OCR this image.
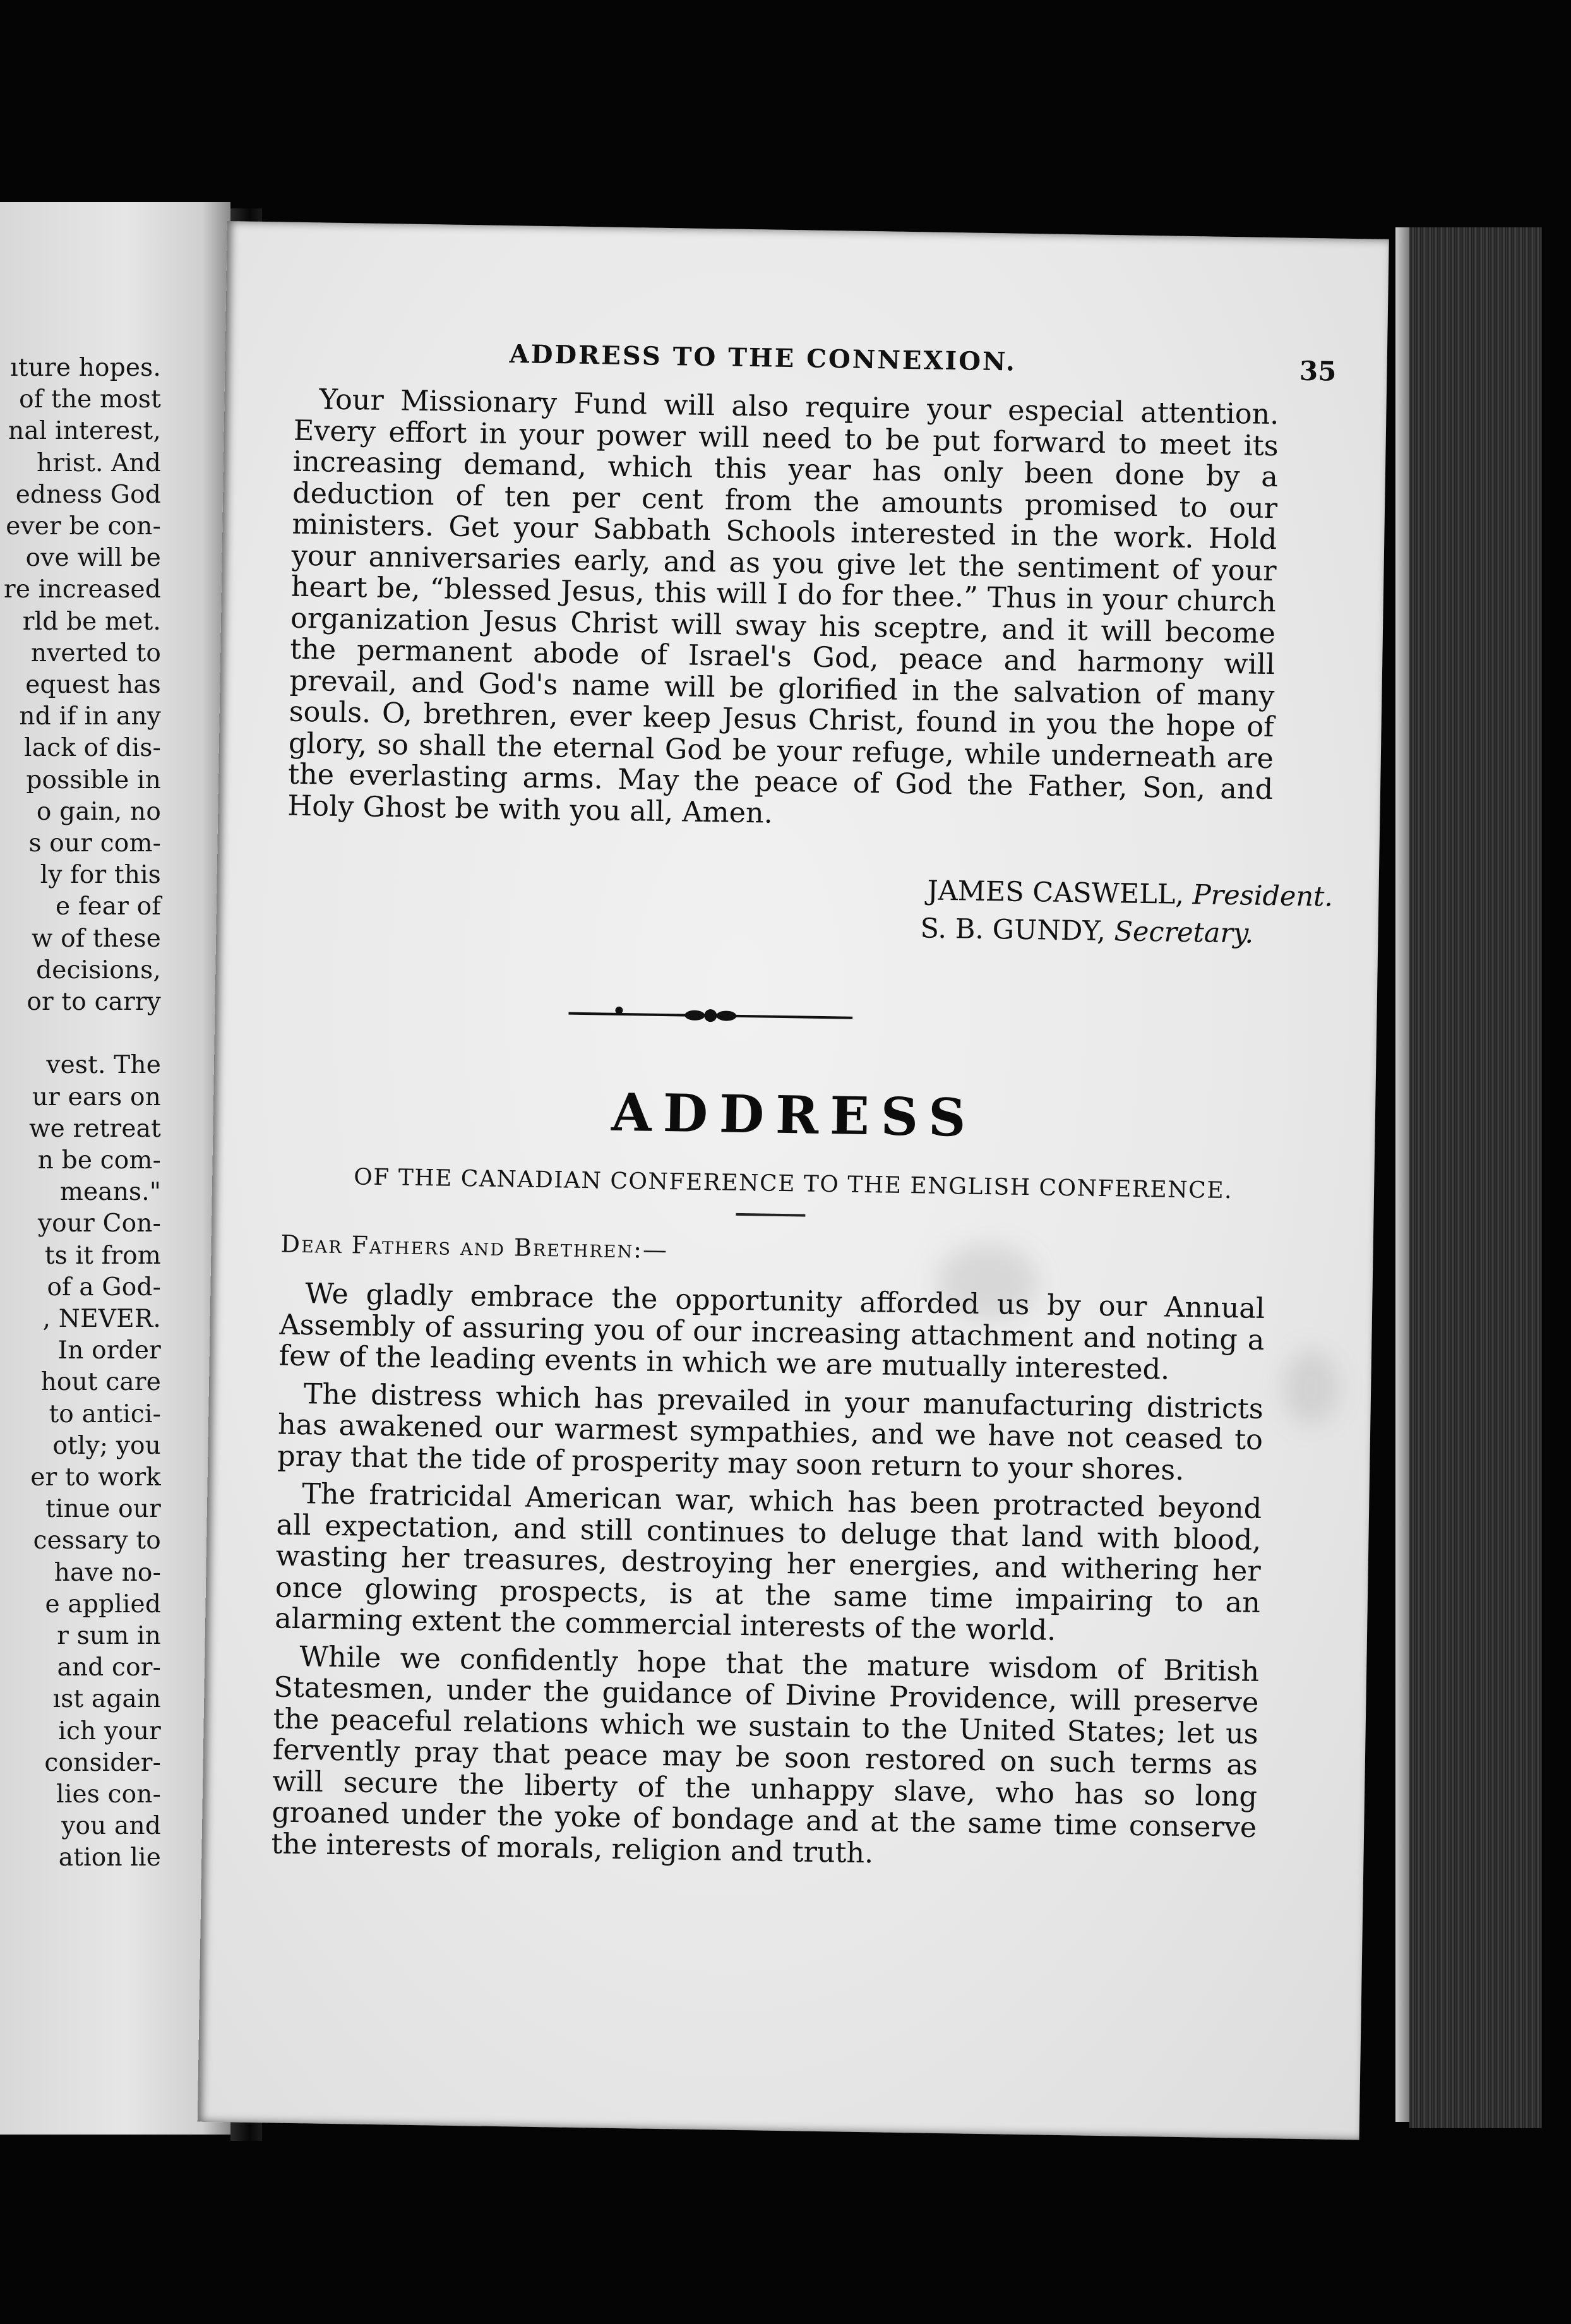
ıture hopes.
of the most
nal interest,
hrist. And
edness God
ever be con-
ove will be
re increased
rld be met.
nverted to
equest has
nd if in any
lack of dis-
possible in
o gain, no
s our com-
ly for this
e fear of
w of these
decisions,
or to carry
vest. The
ur ears on
we retreat
n be com-
means."
your Con-
ts it from
of a God-
, NEVER.
In order
hout care
to antici-
otly; you
er to work
tinue our
cessary to
have no-
e applied
r sum in
and cor-
ıst again
ich your
consider-
lies con-
you and
ation lie
ADDRESS TO THE CONNEXION.	35

Your Missionary Fund will also require your especial attention. Every effort in your power will need to be put forward to meet its increasing demand, which this year has only been done by a deduction of ten per cent from the amounts promised to our ministers. Get your Sabbath Schools interested in the work. Hold your anniversaries early, and as you give let the sentiment of your heart be, “blessed Jesus, this will I do for thee.” Thus in your church organization Jesus Christ will sway his sceptre, and it will become the permanent abode of Israel's God, peace and harmony will prevail, and God's name will be glorified in the salvation of many souls. O, brethren, ever keep Jesus Christ, found in you the hope of glory, so shall the eternal God be your refuge, while underneath are the everlasting arms. May the peace of God the Father, Son, and Holy Ghost be with you all, Amen.

JAMES CASWELL, President.
S. B. GUNDY, Secretary.
ADDRESS
OF THE CANADIAN CONFERENCE TO THE ENGLISH CONFERENCE.
Dear Fathers and Brethren:—

We gladly embrace the opportunity afforded us by our Annual Assembly of assuring you of our increasing attachment and noting a few of the leading events in which we are mutually interested.

The distress which has prevailed in your manufacturing districts has awakened our warmest sympathies, and we have not ceased to pray that the tide of prosperity may soon return to your shores.

The fratricidal American war, which has been protracted beyond all expectation, and still continues to deluge that land with blood, wasting her treasures, destroying her energies, and withering her once glowing prospects, is at the same time impairing to an alarming extent the commercial interests of the world.

While we confidently hope that the mature wisdom of British Statesmen, under the guidance of Divine Providence, will preserve the peaceful relations which we sustain to the United States; let us fervently pray that peace may be soon restored on such terms as will secure the liberty of the unhappy slave, who has so long groaned under the yoke of bondage and at the same time conserve the interests of morals, religion and truth.
